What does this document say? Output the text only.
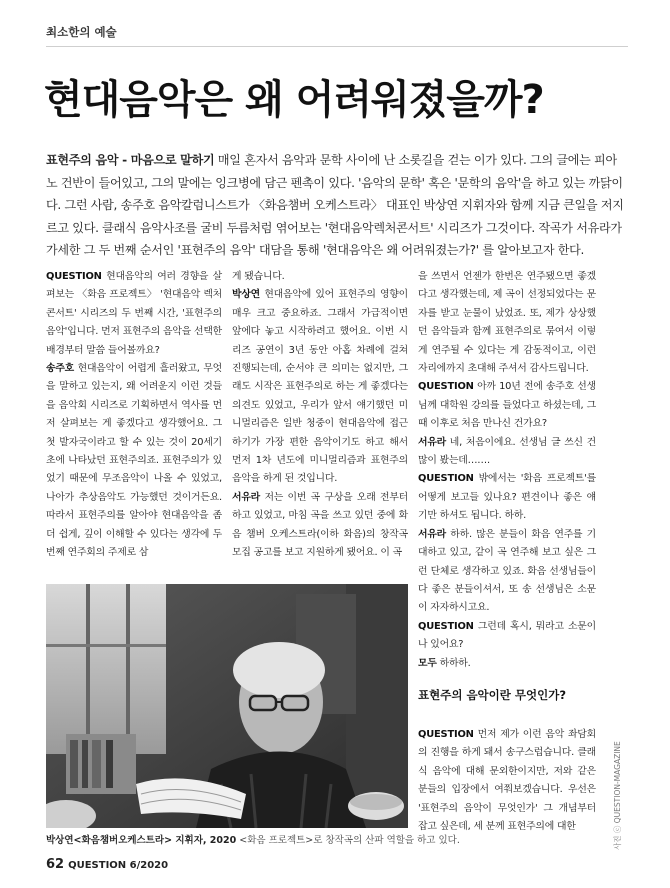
최소한의 예술
현대음악은 왜 어려워졌을까?
표현주의 음악 - 마음으로 말하기 매일 혼자서 음악과 문학 사이에 난 소롯길을 걷는 이가 있다. 그의 글에는 피아노 건반이 들어있고, 그의 말에는 잉크병에 담근 펜촉이 있다. '음악의 문학' 혹은 '문학의 음악'을 하고 있는 까닭이다. 그런 사람, 송주호 음악칼럼니스트가 〈화음챔버 오케스트라〉 대표인 박상연 지휘자와 함께 지금 큰일을 저지르고 있다. 클래식 음악사조를 굴비 두름처럼 엮어보는 '현대음악렉처콘서트' 시리즈가 그것이다. 작곡가 서유라가 가세한 그 두 번째 순서인 '표현주의 음악' 대담을 통해 '현대음악은 왜 어려워졌는가?' 를 알아보고자 한다.

QUESTION 현대음악의 여러 경향을 살펴보는 〈화음 프로젝트〉 '현대음악 렉처 콘서트' 시리즈의 두 번째 시간, '표현주의 음악'입니다. 먼저 표현주의 음악을 선택한 배경부터 말씀 들어볼까요?

송주호 현대음악이 어렵게 흘러왔고, 무엇을 말하고 있는지, 왜 어려운지 이런 것들을 음악회 시리즈로 기획하면서 역사를 먼저 살펴보는 게 좋겠다고 생각했어요. 그 첫 발자국이라고 할 수 있는 것이 20세기 초에 나타났던 표현주의죠. 표현주의가 있었기 때문에 무조음악이 나올 수 있었고, 나아가 추상음악도 가능했던 것이거든요. 따라서 표현주의를 알아야 현대음악을 좀 더 쉽게, 깊이 이해할 수 있다는 생각에 두 번째 연주회의 주제로 삼

게 됐습니다.

박상연 현대음악에 있어 표현주의 영향이 매우 크고 중요하죠. 그래서 가급적이면 앞에다 놓고 시작하려고 했어요. 이번 시리즈 공연이 3년 동안 아홉 차례에 걸쳐 진행되는데, 순서야 큰 의미는 없지만, 그래도 시작은 표현주의로 하는 게 좋겠다는 의견도 있었고, 우리가 앞서 얘기했던 미니멀리즘은 일반 청중이 현대음악에 접근하기가 가장 편한 음악이기도 하고 해서 먼저 1차 년도에 미니멀리즘과 표현주의 음악을 하게 된 것입니다.

서유라 저는 이번 곡 구상을 오래 전부터 하고 있었고, 마침 곡을 쓰고 있던 중에 화음 챔버 오케스트라(이하 화음)의 창작곡 모집 공고를 보고 지원하게 됐어요. 이 곡

을 쓰면서 언젠가 한번은 연주됐으면 좋겠다고 생각했는데, 제 곡이 선정되었다는 문자를 받고 눈물이 났었죠. 또, 제가 상상했던 음악들과 함께 표현주의로 묶여서 이렇게 연주될 수 있다는 게 감동적이고, 이런 자리에까지 초대해 주셔서 감사드립니다.

QUESTION 아까 10년 전에 송주호 선생님께 대학원 강의를 들었다고 하셨는데, 그때 이후로 처음 만나신 건가요?

서유라 네, 처음이에요. 선생님 글 쓰신 건 많이 봤는데…….

QUESTION 밖에서는 '화음 프로젝트'를 어떻게 보고들 있나요? 편견이나 좋은 얘기만 하셔도 됩니다. 하하.

서유라 하하. 많은 분들이 화음 연주를 기대하고 있고, 같이 곡 연주해 보고 싶은 그런 단체로 생각하고 있죠. 화음 선생님들이 다 좋은 분들이셔서, 또 송 선생님은 소문이 자자하시고요.

QUESTION 그런데 혹시, 뭐라고 소문이 나 있어요?

모두 하하하.

표현주의 음악이란 무엇인가?

QUESTION 먼저 제가 이런 음악 좌담회의 진행을 하게 돼서 송구스럽습니다. 클래식 음악에 대해 문외한이지만, 저와 같은 분들의 입장에서 여쭤보겠습니다. 우선은 '표현주의 음악이 무엇인가' 그 개념부터 잡고 싶은데, 세 분께 표현주의에 대한

박상연<화음챔버오케스트라> 지휘자, 2020 <화음 프로젝트>로 창작곡의 산파 역할을 하고 있다.	사진 ⓒ QUESTION-MAGAZINE
62 QUESTION 6/2020
